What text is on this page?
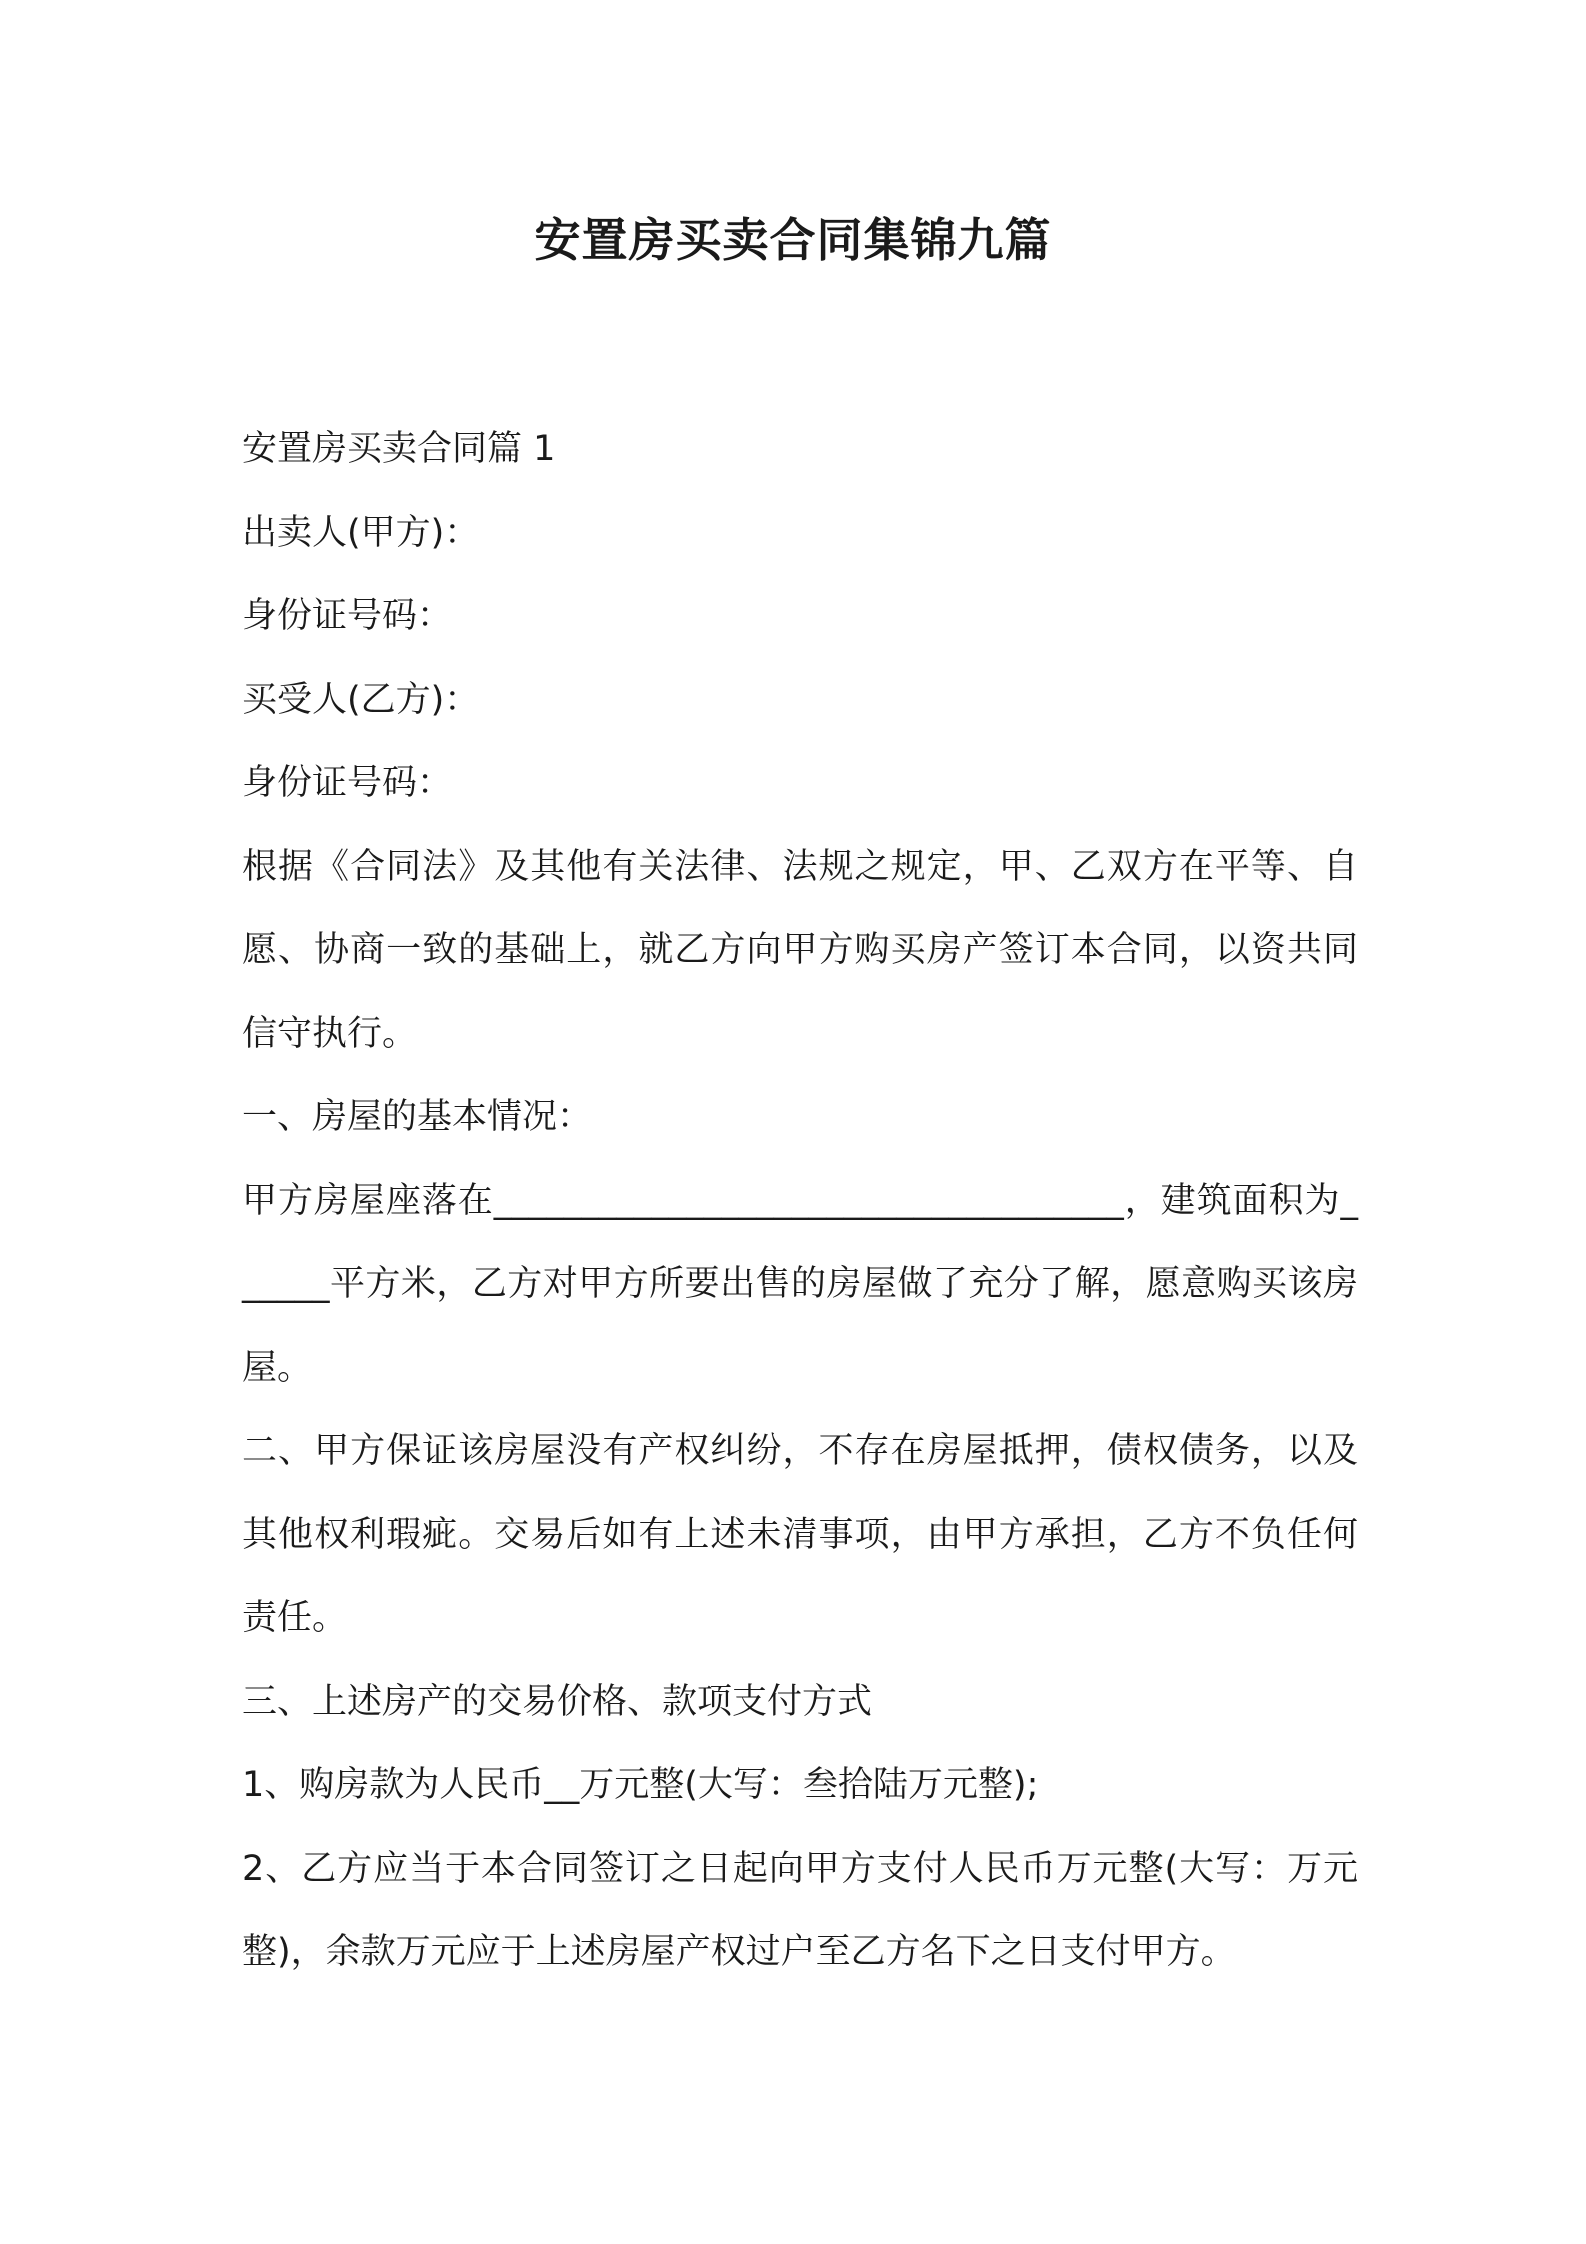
安置房买卖合同集锦九篇

安置房买卖合同篇 1

出卖人(甲方)：

身份证号码：

买受人(乙方)：

身份证号码：

根据《合同法》及其他有关法律、法规之规定，甲、乙双方在平等、自愿、协商一致的基础上，就乙方向甲方购买房产签订本合同，以资共同信守执行。

一、房屋的基本情况：

甲方房屋座落在____________________________________，建筑面积为______平方米，乙方对甲方所要出售的房屋做了充分了解，愿意购买该房屋。

二、甲方保证该房屋没有产权纠纷，不存在房屋抵押，债权债务，以及其他权利瑕疵。交易后如有上述未清事项，由甲方承担，乙方不负任何责任。

三、上述房产的交易价格、款项支付方式

1、购房款为人民币__万元整(大写：叁拾陆万元整);

2、乙方应当于本合同签订之日起向甲方支付人民币万元整(大写：万元整)，余款万元应于上述房屋产权过户至乙方名下之日支付甲方。
